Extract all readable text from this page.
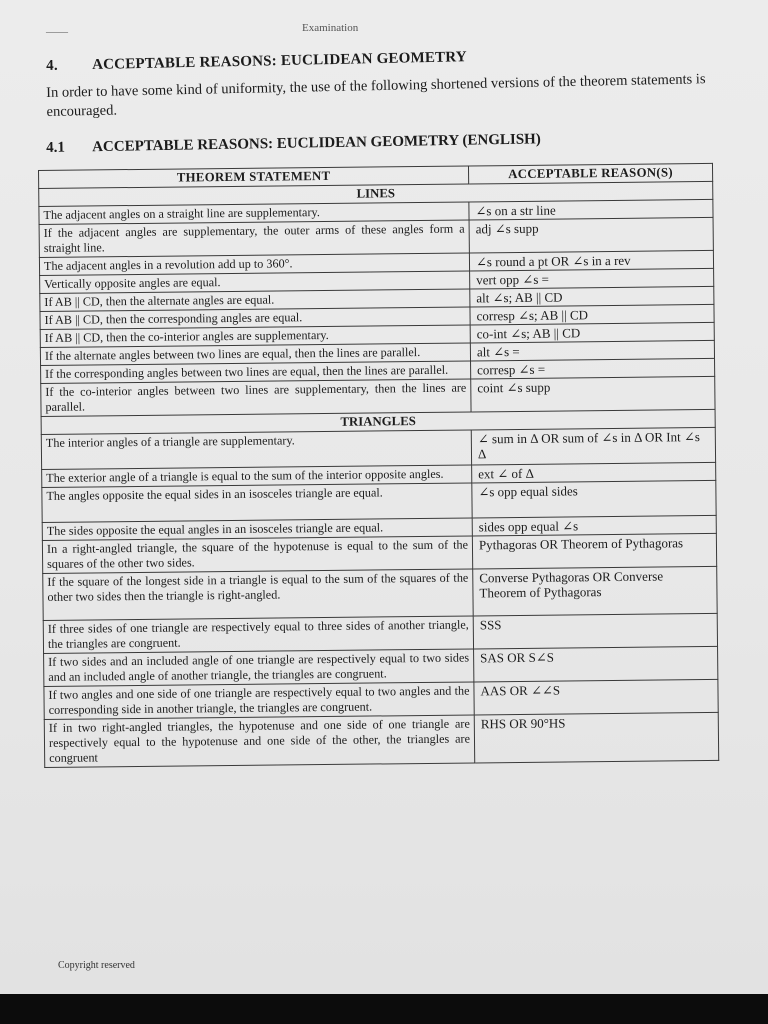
____	Examination
4. ACCEPTABLE REASONS: EUCLIDEAN GEOMETRY
In order to have some kind of uniformity, the use of the following shortened versions of the theorem statements is encouraged.
4.1 ACCEPTABLE REASONS: EUCLIDEAN GEOMETRY (ENGLISH)
THEOREM STATEMENT	ACCEPTABLE REASON(S)
LINES	
The adjacent angles on a straight line are supplementary.	∠s on a str line
If the adjacent angles are supplementary, the outer arms of these angles form a straight line.	adj ∠s supp
The adjacent angles in a revolution add up to 360°.	∠s round a pt OR ∠s in a rev
Vertically opposite angles are equal.	vert opp ∠s =
If AB || CD, then the alternate angles are equal.	alt ∠s; AB || CD
If AB || CD, then the corresponding angles are equal.	corresp ∠s; AB || CD
If AB || CD, then the co-interior angles are supplementary.	co-int ∠s; AB || CD
If the alternate angles between two lines are equal, then the lines are parallel.	alt ∠s =
If the corresponding angles between two lines are equal, then the lines are parallel.	corresp ∠s =
If the co-interior angles between two lines are supplementary, then the lines are parallel.	coint ∠s supp
TRIANGLES	
The interior angles of a triangle are supplementary.	∠ sum in Δ OR sum of ∠s in Δ OR Int ∠s Δ
The exterior angle of a triangle is equal to the sum of the interior opposite angles.	ext ∠ of Δ
The angles opposite the equal sides in an isosceles triangle are equal.	∠s opp equal sides
The sides opposite the equal angles in an isosceles triangle are equal.	sides opp equal ∠s
In a right-angled triangle, the square of the hypotenuse is equal to the sum of the squares of the other two sides.	Pythagoras OR Theorem of Pythagoras
If the square of the longest side in a triangle is equal to the sum of the squares of the other two sides then the triangle is right-angled.	Converse Pythagoras OR Converse Theorem of Pythagoras
If three sides of one triangle are respectively equal to three sides of another triangle, the triangles are congruent.	SSS
If two sides and an included angle of one triangle are respectively equal to two sides and an included angle of another triangle, the triangles are congruent.	SAS OR S∠S
If two angles and one side of one triangle are respectively equal to two angles and the corresponding side in another triangle, the triangles are congruent.	AAS OR ∠∠S
If in two right-angled triangles, the hypotenuse and one side of one triangle are respectively equal to the hypotenuse and one side of the other, the triangles are congruent	RHS OR 90°HS
Copyright reserved
